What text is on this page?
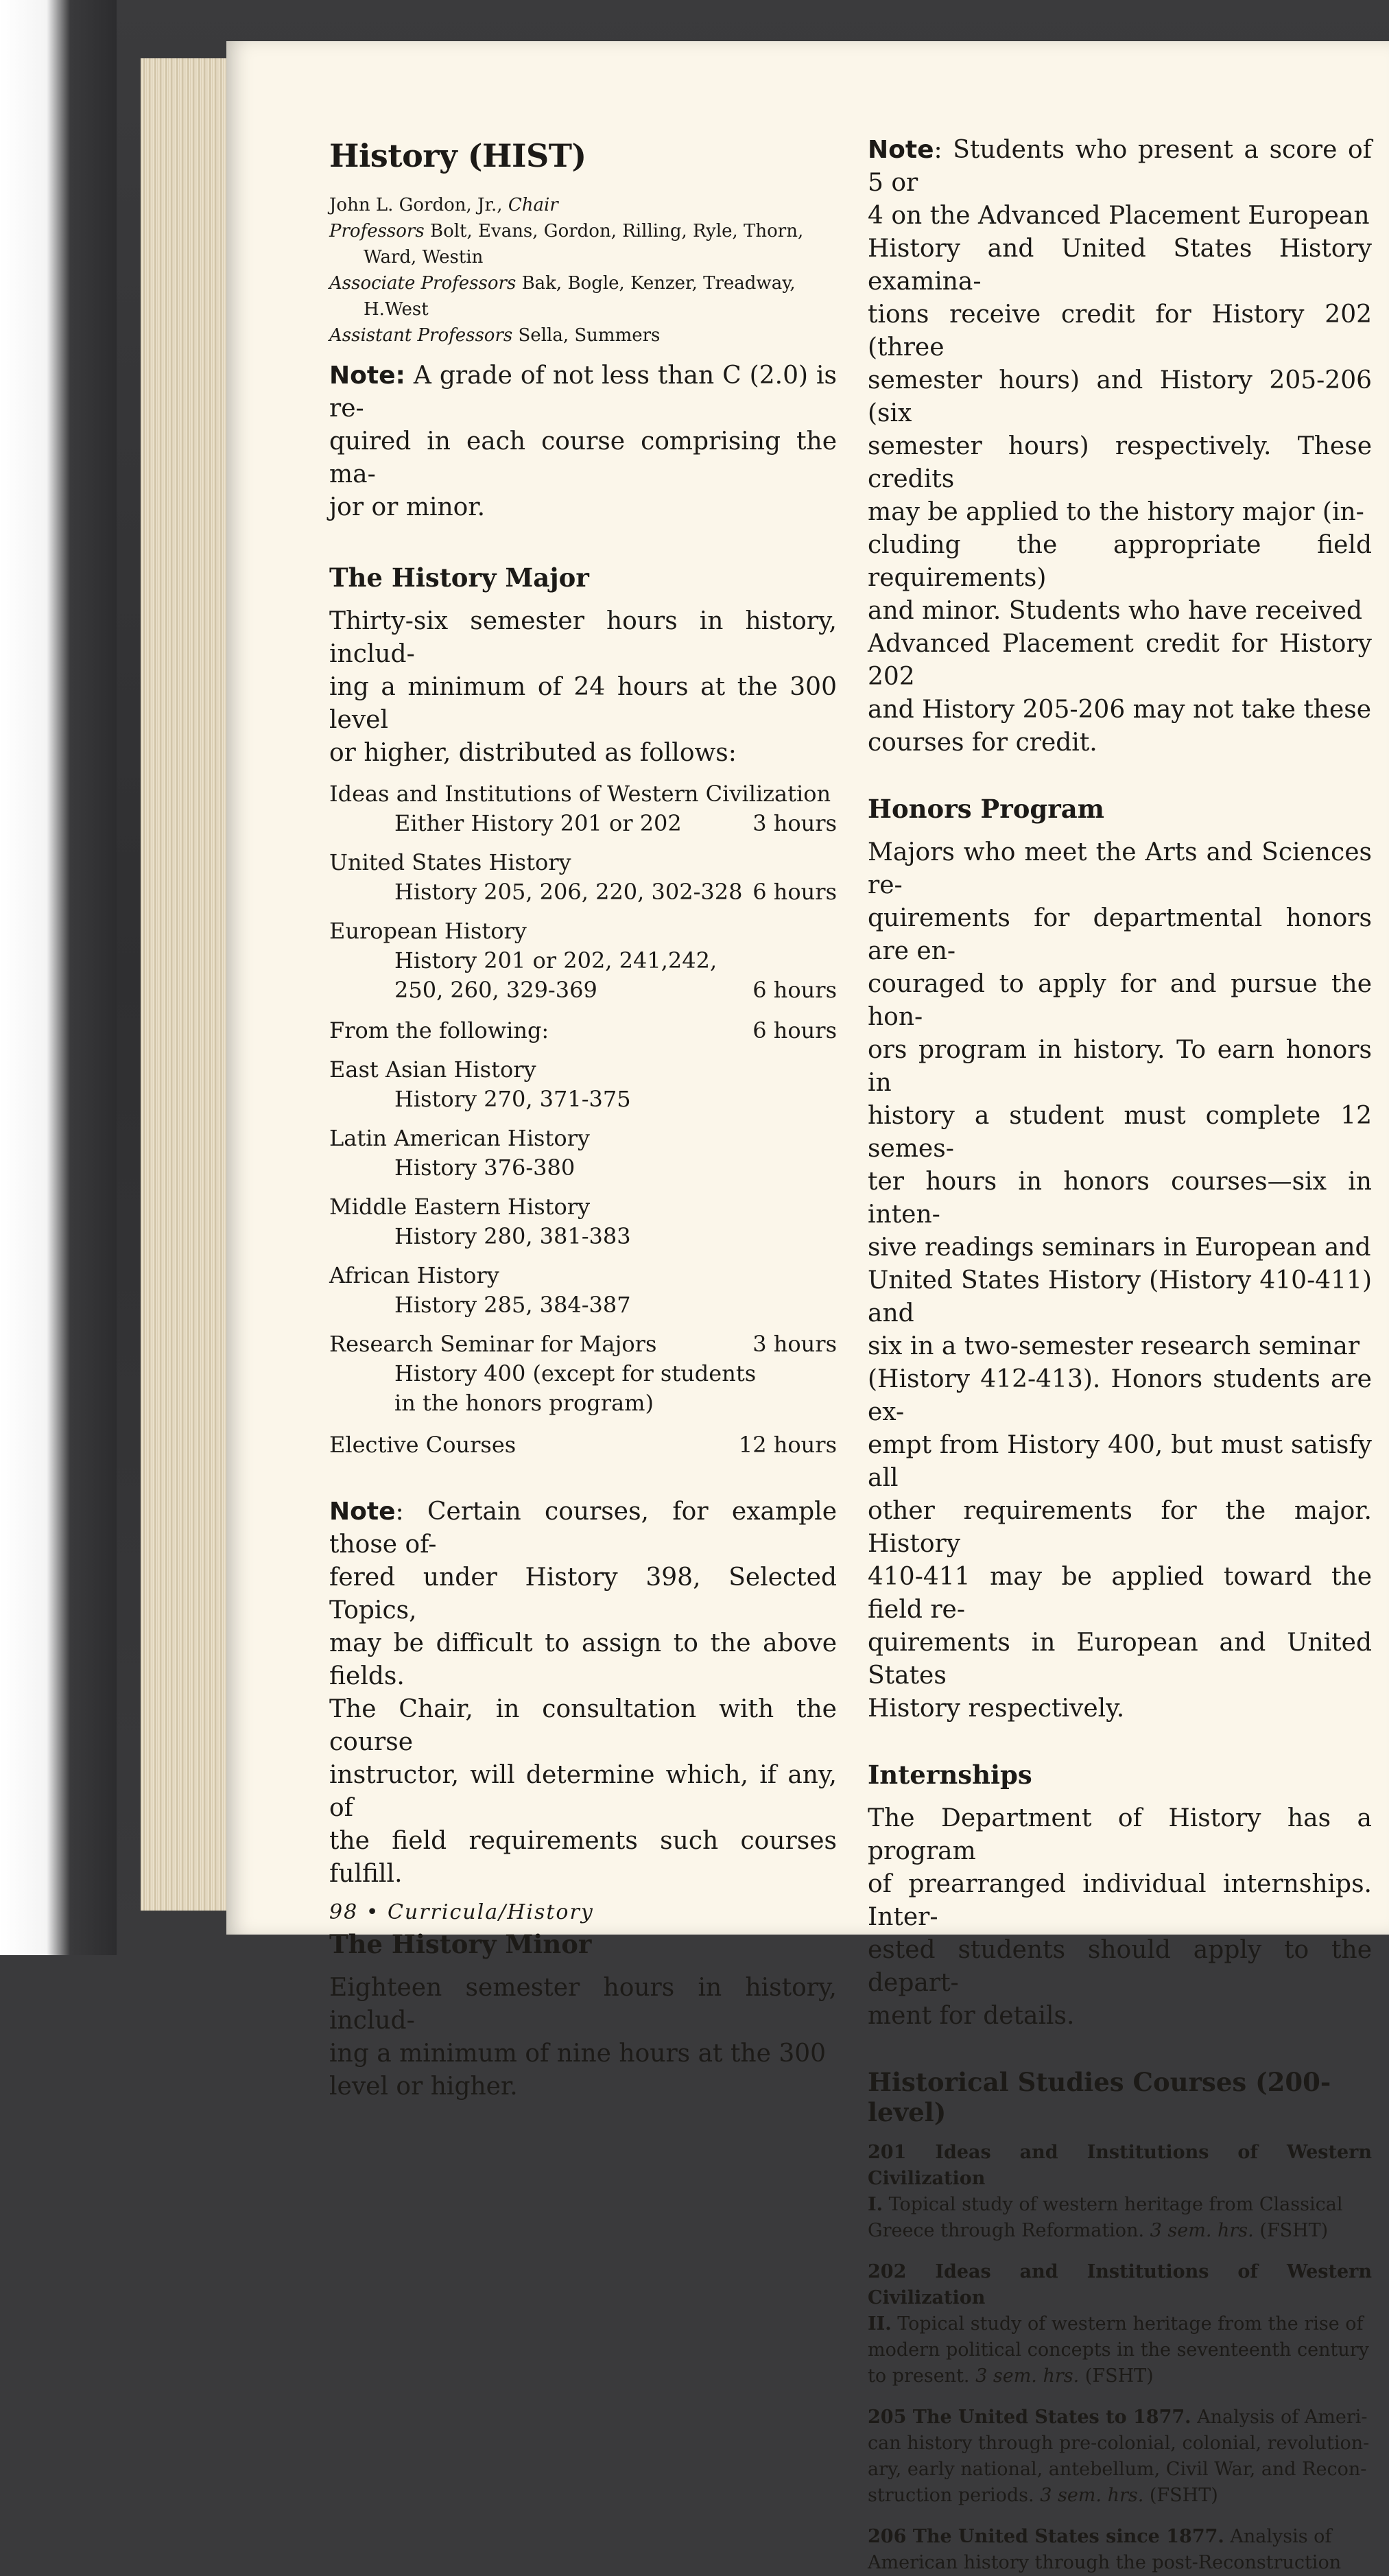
History (HIST)

John L. Gordon, Jr., Chair
Professors Bolt, Evans, Gordon, Rilling, Ryle, Thorn,
Ward, Westin
Associate Professors Bak, Bogle, Kenzer, Treadway,
H.West
Assistant Professors Sella, Summers

Note: A grade of not less than C (2.0) is re-
quired in each course comprising the ma-
jor or minor.
The History Major
Thirty-six semester hours in history, includ-
ing a minimum of 24 hours at the 300 level
or higher, distributed as follows:
Ideas and Institutions of Western Civilization
Either History 201 or 202	3 hours
United States History
History 205, 206, 220, 302-328 6 hours
European History
History 201 or 202, 241,242,
250, 260, 329-369	6 hours
From the following:	6 hours
East Asian History
History 270, 371-375
Latin American History
History 376-380
Middle Eastern History
History 280, 381-383
African History
History 285, 384-387
Research Seminar for Majors	3 hours
History 400 (except for students
in the honors program)
Elective Courses	12 hours
Note: Certain courses, for example those of-
fered under History 398, Selected Topics,
may be difficult to assign to the above fields.
The Chair, in consultation with the course
instructor, will determine which, if any, of
the field requirements such courses fulfill.
The History Minor
Eighteen semester hours in history, includ-
ing a minimum of nine hours at the 300
level or higher.
98 • Curricula/History
Note: Students who present a score of 5 or
4 on the Advanced Placement European
History and United States History examina-
tions receive credit for History 202 (three
semester hours) and History 205-206 (six
semester hours) respectively. These credits
may be applied to the history major (in-
cluding the appropriate field requirements)
and minor. Students who have received
Advanced Placement credit for History 202
and History 205-206 may not take these
courses for credit.
Honors Program
Majors who meet the Arts and Sciences re-
quirements for departmental honors are en-
couraged to apply for and pursue the hon-
ors program in history. To earn honors in
history a student must complete 12 semes-
ter hours in honors courses—six in inten-
sive readings seminars in European and
United States History (History 410-411) and
six in a two-semester research seminar
(History 412-413). Honors students are ex-
empt from History 400, but must satisfy all
other requirements for the major. History
410-411 may be applied toward the field re-
quirements in European and United States
History respectively.
Internships
The Department of History has a program
of prearranged individual internships. Inter-
ested students should apply to the depart-
ment for details.
Historical Studies Courses (200-level)
201 Ideas and Institutions of Western Civilization
I. Topical study of western heritage from Classical
Greece through Reformation. 3 sem. hrs. (FSHT)
202 Ideas and Institutions of Western Civilization
II. Topical study of western heritage from the rise of
modern political concepts in the seventeenth century
to present. 3 sem. hrs. (FSHT)
205 The United States to 1877. Analysis of Ameri-
can history through pre-colonial, colonial, revolution-
ary, early national, antebellum, Civil War, and Recon-
struction periods. 3 sem. hrs. (FSHT)
206 The United States since 1877. Analysis of
American history through the post-Reconstruction
